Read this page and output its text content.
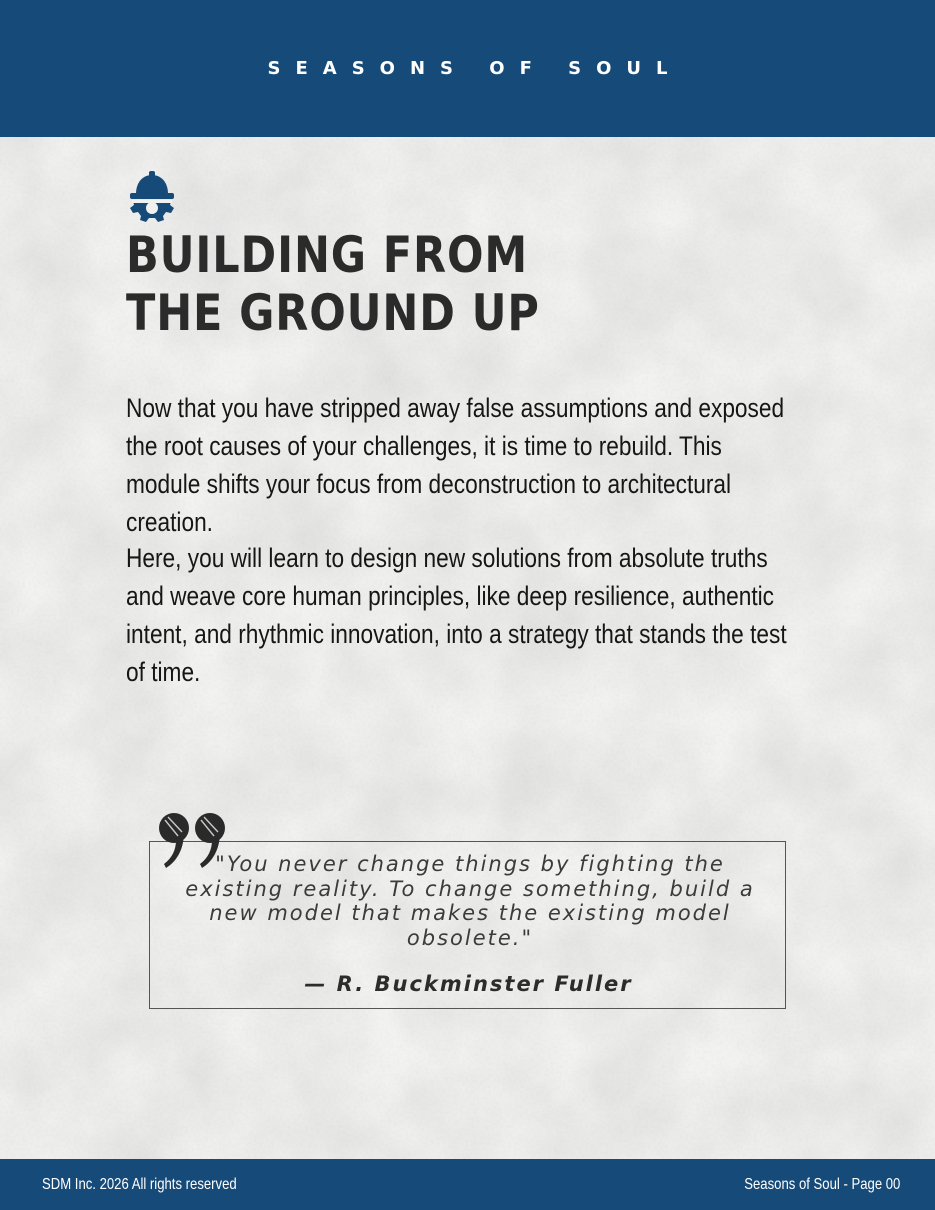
SEASONS OF SOUL
BUILDING FROM
THE GROUND UP

Now that you have stripped away false assumptions and exposed the root causes of your challenges, it is time to rebuild. This module shifts your focus from deconstruction to architectural creation.

Here, you will learn to design new solutions from absolute truths and weave core human principles, like deep resilience, authentic intent, and rhythmic innovation, into a strategy that stands the test of time.

"You never change things by fighting the existing reality. To change something, build a new model that makes the existing model obsolete."

— R. Buckminster Fuller
SDM Inc. 2026 All rights reserved	Seasons of Soul - Page 00
